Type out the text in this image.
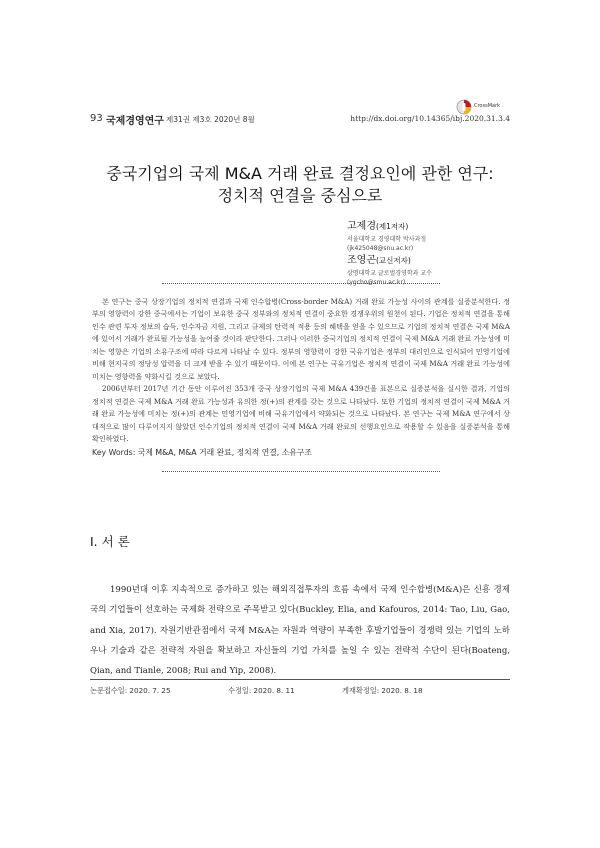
CrossMark
93 국제경영연구 제31권 제3호 2020년 8월	http://dx.doi.org/10.14365/ibj.2020.31.3.4
중국기업의 국제 M&A 거래 완료 결정요인에 관한 연구:
정치적 연결을 중심으로
고제경(제1저자)
서울대학교 경영대학 박사과정
(jk425048@snu.ac.kr)
조영곤(교신저자)
상명대학교 글로벌경영학과 교수
(ygcho@smu.ac.kr)

본 연구는 중국 상장기업의 정치적 연결과 국제 인수합병(Cross-border M&A) 거래 완료 가능성 사이의 관계를 실증분석한다. 정부의 영향력이 강한 중국에서는 기업이 보유한 중국 정부와의 정치적 연결이 중요한 경쟁우위의 원천이 된다. 기업은 정치적 연결을 통해 인수 관련 투자 정보의 습득, 인수자금 지원, 그리고 규제의 탄력적 적용 등의 혜택을 얻을 수 있으므로 기업의 정치적 연결은 국제 M&A에 있어서 거래가 완료될 가능성을 높여줄 것이라 판단한다. 그러나 이러한 중국기업의 정치적 연결이 국제 M&A 거래 완료 가능성에 미치는 영향은 기업의 소유구조에 따라 다르게 나타날 수 있다. 정부의 영향력이 강한 국유기업은 정부의 대리인으로 인식되어 민영기업에 비해 현지국의 정당성 압력을 더 크게 받을 수 있기 때문이다. 이에 본 연구는 국유기업은 정치적 연결이 국제 M&A 거래 완료 가능성에 미치는 영향력을 약화시킬 것으로 보았다.

2006년부터 2017년 기간 동안 이루어진 353개 중국 상장기업의 국제 M&A 439건을 표본으로 실증분석을 실시한 결과, 기업의 정치적 연결은 국제 M&A 거래 완료 가능성과 유의한 정(+)의 관계를 갖는 것으로 나타났다. 또한 기업의 정치적 연결이 국제 M&A 거래 완료 가능성에 미치는 정(+)의 관계는 민영기업에 비해 국유기업에서 약화되는 것으로 나타났다. 본 연구는 국제 M&A 연구에서 상대적으로 많이 다루어지지 않았던 인수기업의 정치적 연결이 국제 M&A 거래 완료의 선행요인으로 작용할 수 있음을 실증분석을 통해 확인하였다.

Key Words: 국제 M&A, M&A 거래 완료, 정치적 연결, 소유구조
Ⅰ. 서 론

1990년대 이후 지속적으로 증가하고 있는 해외직접투자의 흐름 속에서 국제 인수합병(M&A)은 신흥 경제국의 기업들이 선호하는 국제화 전략으로 주목받고 있다(Buckley, Elia, and Kafouros, 2014: Tao, Liu, Gao, and Xia, 2017). 자원기반관점에서 국제 M&A는 자원과 역량이 부족한 후발기업들이 경쟁력 있는 기업의 노하우나 기술과 같은 전략적 자원을 확보하고 자신들의 기업 가치를 높일 수 있는 전략적 수단이 된다(Boateng, Qian, and Tianle, 2008; Rui and Yip, 2008).

논문접수일: 2020. 7. 25	수정일: 2020. 8. 11	게재확정일: 2020. 8. 18
